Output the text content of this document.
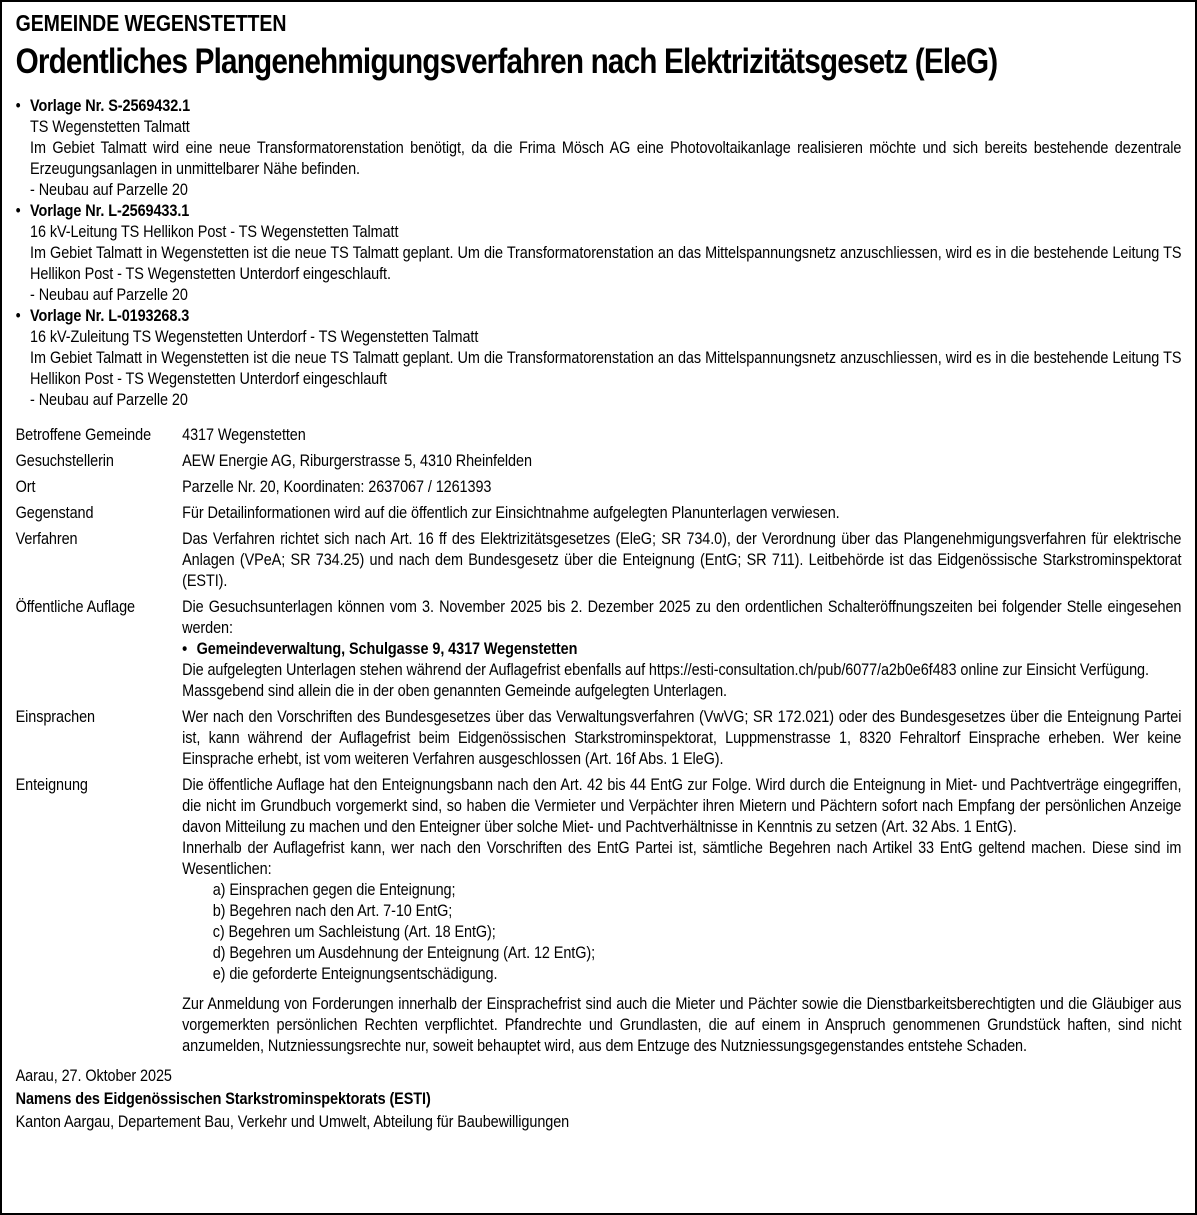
GEMEINDE WEGENSTETTEN
Ordentliches Plangenehmigungsverfahren nach Elektrizitätsgesetz (EleG)
• Vorlage Nr. S-2569432.1
TS Wegenstetten Talmatt
Im Gebiet Talmatt wird eine neue Transformatorenstation benötigt, da die Frima Mösch AG eine Photovoltaikanlage realisieren möchte und sich bereits bestehende dezentrale Erzeugungsanlagen in unmittelbarer Nähe befinden.
- Neubau auf Parzelle 20
• Vorlage Nr. L-2569433.1
16 kV-Leitung TS Hellikon Post - TS Wegenstetten Talmatt
Im Gebiet Talmatt in Wegenstetten ist die neue TS Talmatt geplant. Um die Transformatorenstation an das Mittelspannungsnetz anzuschliessen, wird es in die bestehende Leitung TS Hellikon Post - TS Wegenstetten Unterdorf eingeschlauft.
- Neubau auf Parzelle 20
• Vorlage Nr. L-0193268.3
16 kV-Zuleitung TS Wegenstetten Unterdorf - TS Wegenstetten Talmatt
Im Gebiet Talmatt in Wegenstetten ist die neue TS Talmatt geplant. Um die Transformatorenstation an das Mittelspannungsnetz anzuschliessen, wird es in die bestehende Leitung TS Hellikon Post - TS Wegenstetten Unterdorf eingeschlauft
- Neubau auf Parzelle 20
Betroffene Gemeinde	4317 Wegenstetten
Gesuchstellerin	AEW Energie AG, Riburgerstrasse 5, 4310 Rheinfelden
Ort	Parzelle Nr. 20, Koordinaten: 2637067 / 1261393
Gegenstand	Für Detailinformationen wird auf die öffentlich zur Einsichtnahme aufgelegten Planunterlagen verwiesen.
Verfahren	Das Verfahren richtet sich nach Art. 16 ff des Elektrizitätsgesetzes (EleG; SR 734.0), der Verordnung über das Plangenehmigungsverfahren für elektrische Anlagen (VPeA; SR 734.25) und nach dem Bundesgesetz über die Enteignung (EntG; SR 711). Leitbehörde ist das Eidgenössische Starkstrominspektorat (ESTI).
Öffentliche Auflage	Die Gesuchsunterlagen können vom 3. November 2025 bis 2. Dezember 2025 zu den ordentlichen Schalteröffnungszeiten bei folgender Stelle eingesehen werden:

• Gemeindeverwaltung, Schulgasse 9, 4317 Wegenstetten

Die aufgelegten Unterlagen stehen während der Auflagefrist ebenfalls auf https://esti-consultation.ch/pub/6077/a2b0e6f483 online zur Einsicht Verfügung.

Massgebend sind allein die in der oben genannten Gemeinde aufgelegten Unterlagen.

Einsprachen	Wer nach den Vorschriften des Bundesgesetzes über das Verwaltungsverfahren (VwVG; SR 172.021) oder des Bundesgesetzes über die Enteignung Partei ist, kann während der Auflagefrist beim Eidgenössischen Starkstrominspektorat, Luppmenstrasse 1, 8320 Fehraltorf Einsprache erheben. Wer keine Einsprache erhebt, ist vom weiteren Verfahren ausgeschlossen (Art. 16f Abs. 1 EleG).

Enteignung	Die öffentliche Auflage hat den Enteignungsbann nach den Art. 42 bis 44 EntG zur Folge. Wird durch die Enteignung in Miet- und Pachtverträge eingegriffen, die nicht im Grundbuch vorgemerkt sind, so haben die Vermieter und Verpächter ihren Mietern und Pächtern sofort nach Empfang der persönlichen Anzeige davon Mitteilung zu machen und den Enteigner über solche Miet- und Pachtverhältnisse in Kenntnis zu setzen (Art. 32 Abs. 1 EntG).

Innerhalb der Auflagefrist kann, wer nach den Vorschriften des EntG Partei ist, sämtliche Begehren nach Artikel 33 EntG geltend machen. Diese sind im Wesentlichen:

a) Einsprachen gegen die Enteignung;
b) Begehren nach den Art. 7-10 EntG;
c) Begehren um Sachleistung (Art. 18 EntG);
d) Begehren um Ausdehnung der Enteignung (Art. 12 EntG);
e) die geforderte Enteignungsentschädigung.

Zur Anmeldung von Forderungen innerhalb der Einsprachefrist sind auch die Mieter und Pächter sowie die Dienstbarkeitsberechtigten und die Gläubiger aus vorgemerkten persönlichen Rechten verpflichtet. Pfandrechte und Grundlasten, die auf einem in Anspruch genommenen Grundstück haften, sind nicht anzumelden, Nutzniessungsrechte nur, soweit behauptet wird, aus dem Entzuge des Nutzniessungsgegenstandes entstehe Schaden.

Aarau, 27. Oktober 2025
Namens des Eidgenössischen Starkstrominspektorats (ESTI)
Kanton Aargau, Departement Bau, Verkehr und Umwelt, Abteilung für Baubewilligungen
